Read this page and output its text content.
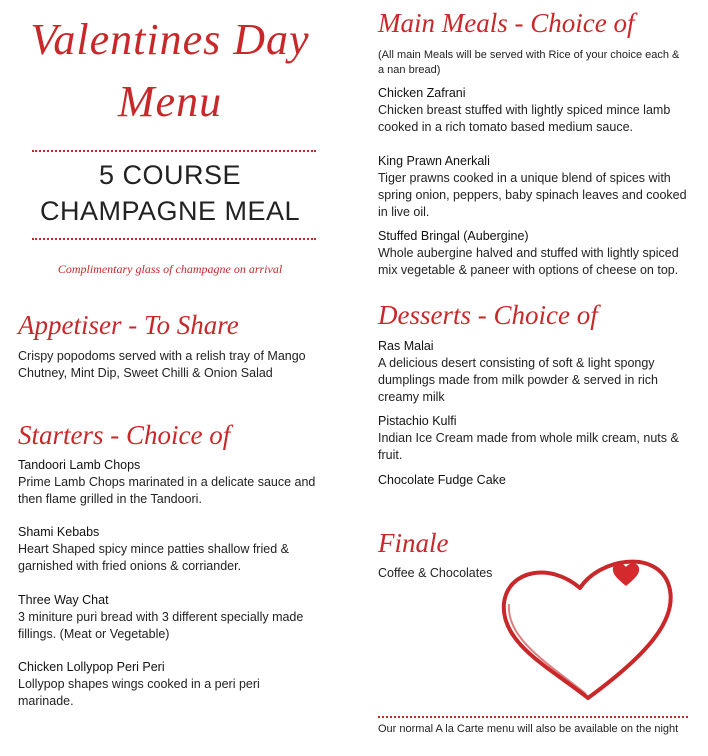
Valentines Day
Menu
5 COURSE
CHAMPAGNE MEAL
Complimentary glass of champagne on arrival
Appetiser - To Share
Crispy popodoms served with a relish tray of Mango Chutney, Mint Dip, Sweet Chilli & Onion Salad
Starters - Choice of
Tandoori Lamb Chops
Prime Lamb Chops marinated in a delicate sauce and then flame grilled in the Tandoori.
Shami Kebabs
Heart Shaped spicy mince patties shallow fried & garnished with fried onions & corriander.
Three Way Chat
3 miniture puri bread with 3 different specially made fillings. (Meat or Vegetable)
Chicken Lollypop Peri Peri
Lollypop shapes wings cooked in a peri peri marinade.
Main Meals - Choice of
(All main Meals will be served with Rice of your choice each & a nan bread)
Chicken Zafrani
Chicken breast stuffed with lightly spiced mince lamb cooked in a rich tomato based medium sauce.
King Prawn Anerkali
Tiger prawns cooked in a unique blend of spices with spring onion, peppers, baby spinach leaves and cooked in live oil.
Stuffed Bringal (Aubergine)
Whole aubergine halved and stuffed with lightly spiced mix vegetable & paneer with options of cheese on top.
Desserts - Choice of
Ras Malai
A delicious desert consisting of soft & light spongy dumplings made from milk powder & served in rich creamy milk
Pistachio Kulfi
Indian Ice Cream made from whole milk cream, nuts & fruit.
Chocolate Fudge Cake
Finale
Coffee & Chocolates
Our normal A la Carte menu will also be available on the night
